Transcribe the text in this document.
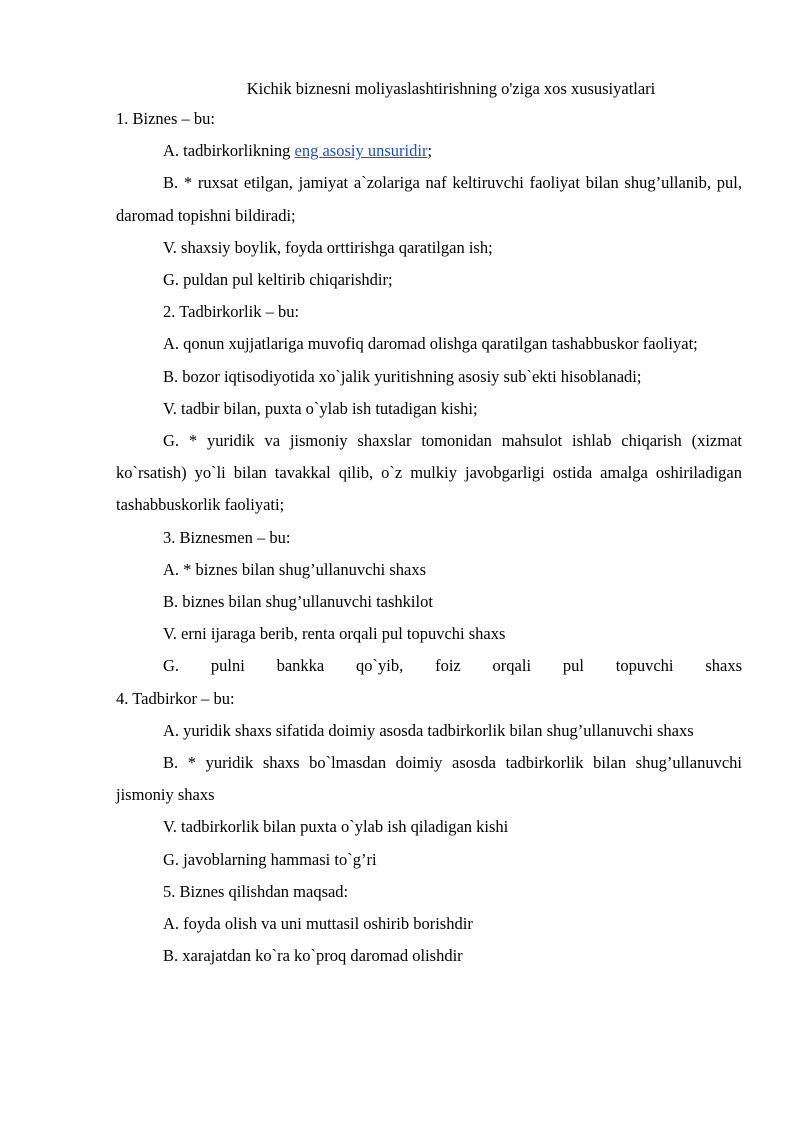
Kichik biznesni moliyaslashtirishning o'ziga xos xususiyatlari

1. Biznes – bu:

A. tadbirkorlikning eng asosiy unsuridir;

B. * ruxsat etilgan, jamiyat a`zolariga naf keltiruvchi faoliyat bilan shug’ullanib, pul, daromad topishni bildiradi;

V. shaxsiy boylik, foyda orttirishga qaratilgan ish;

G. puldan pul keltirib chiqarishdir;

2. Tadbirkorlik – bu:

A. qonun xujjatlariga muvofiq daromad olishga qaratilgan tashabbuskor faoliyat;

B. bozor iqtisodiyotida xo`jalik yuritishning asosiy sub`ekti hisoblanadi;

V. tadbir bilan, puxta o`ylab ish tutadigan kishi;

G. * yuridik va jismoniy shaxslar tomonidan mahsulot ishlab chiqarish (xizmat ko`rsatish) yo`li bilan tavakkal qilib, o`z mulkiy javobgarligi ostida amalga oshiriladigan tashabbuskorlik faoliyati;

3. Biznesmen – bu:

A. * biznes bilan shug’ullanuvchi shaxs

B. biznes bilan shug’ullanuvchi tashkilot

V. erni ijaraga berib, renta orqali pul topuvchi shaxs

G. pulni bankka qo`yib, foiz orqali pul topuvchi shaxs

4. Tadbirkor – bu:

A. yuridik shaxs sifatida doimiy asosda tadbirkorlik bilan shug’ullanuvchi shaxs

B. * yuridik shaxs bo`lmasdan doimiy asosda tadbirkorlik bilan shug’ullanuvchi jismoniy shaxs

V. tadbirkorlik bilan puxta o`ylab ish qiladigan kishi

G. javoblarning hammasi to`g’ri

5. Biznes qilishdan maqsad:

A. foyda olish va uni muttasil oshirib borishdir

B. xarajatdan ko`ra ko`proq daromad olishdir
